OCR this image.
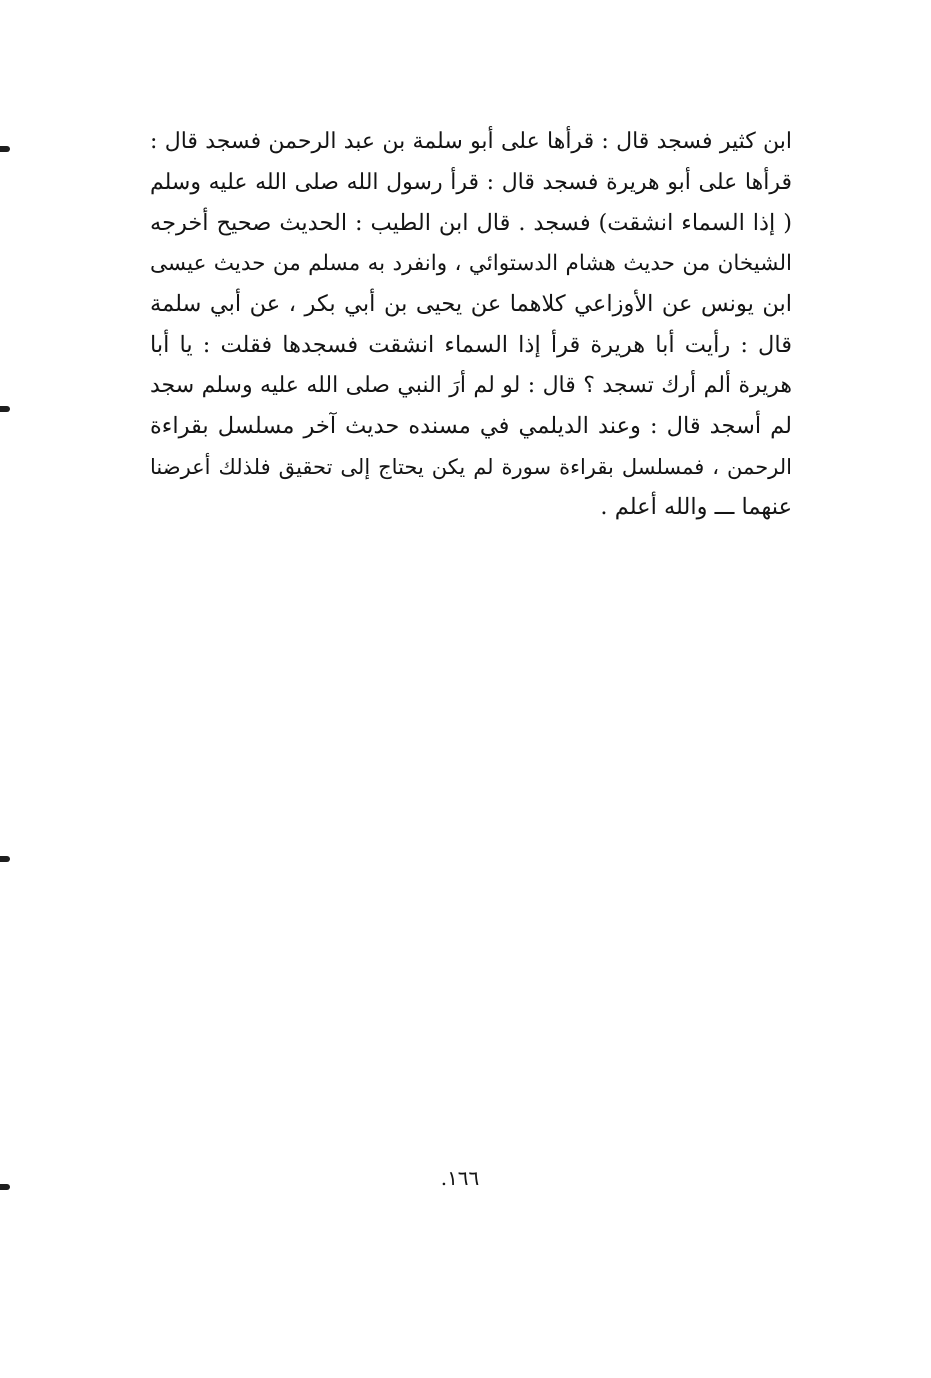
ابن كثير فسجد قال : قرأها على أبو سلمة بن عبد الرحمن فسجد قال :
قرأها على أبو هريرة فسجد قال : قرأ رسول الله صلى الله عليه وسلم
( إذا السماء انشقت) فسجد . قال ابن الطيب : الحديث صحيح أخرجه
الشيخان من حديث هشام الدستوائي ، وانفرد به مسلم من حديث عيسى
ابن يونس عن الأوزاعي كلاهما عن يحيى بن أبي بكر ، عن أبي سلمة
قال : رأيت أبا هريرة قرأ إذا السماء انشقت فسجدها فقلت : يا أبا
هريرة ألم أرك تسجد ؟ قال : لو لم أرَ النبي صلى الله عليه وسلم سجد
لم أسجد قال : وعند الديلمي في مسنده حديث آخر مسلسل بقراءة
الرحمن ، فمسلسل بقراءة سورة لم يكن يحتاج إلى تحقيق فلذلك أعرضنا
عنهما ـــ والله أعلم .
١٦٦.
